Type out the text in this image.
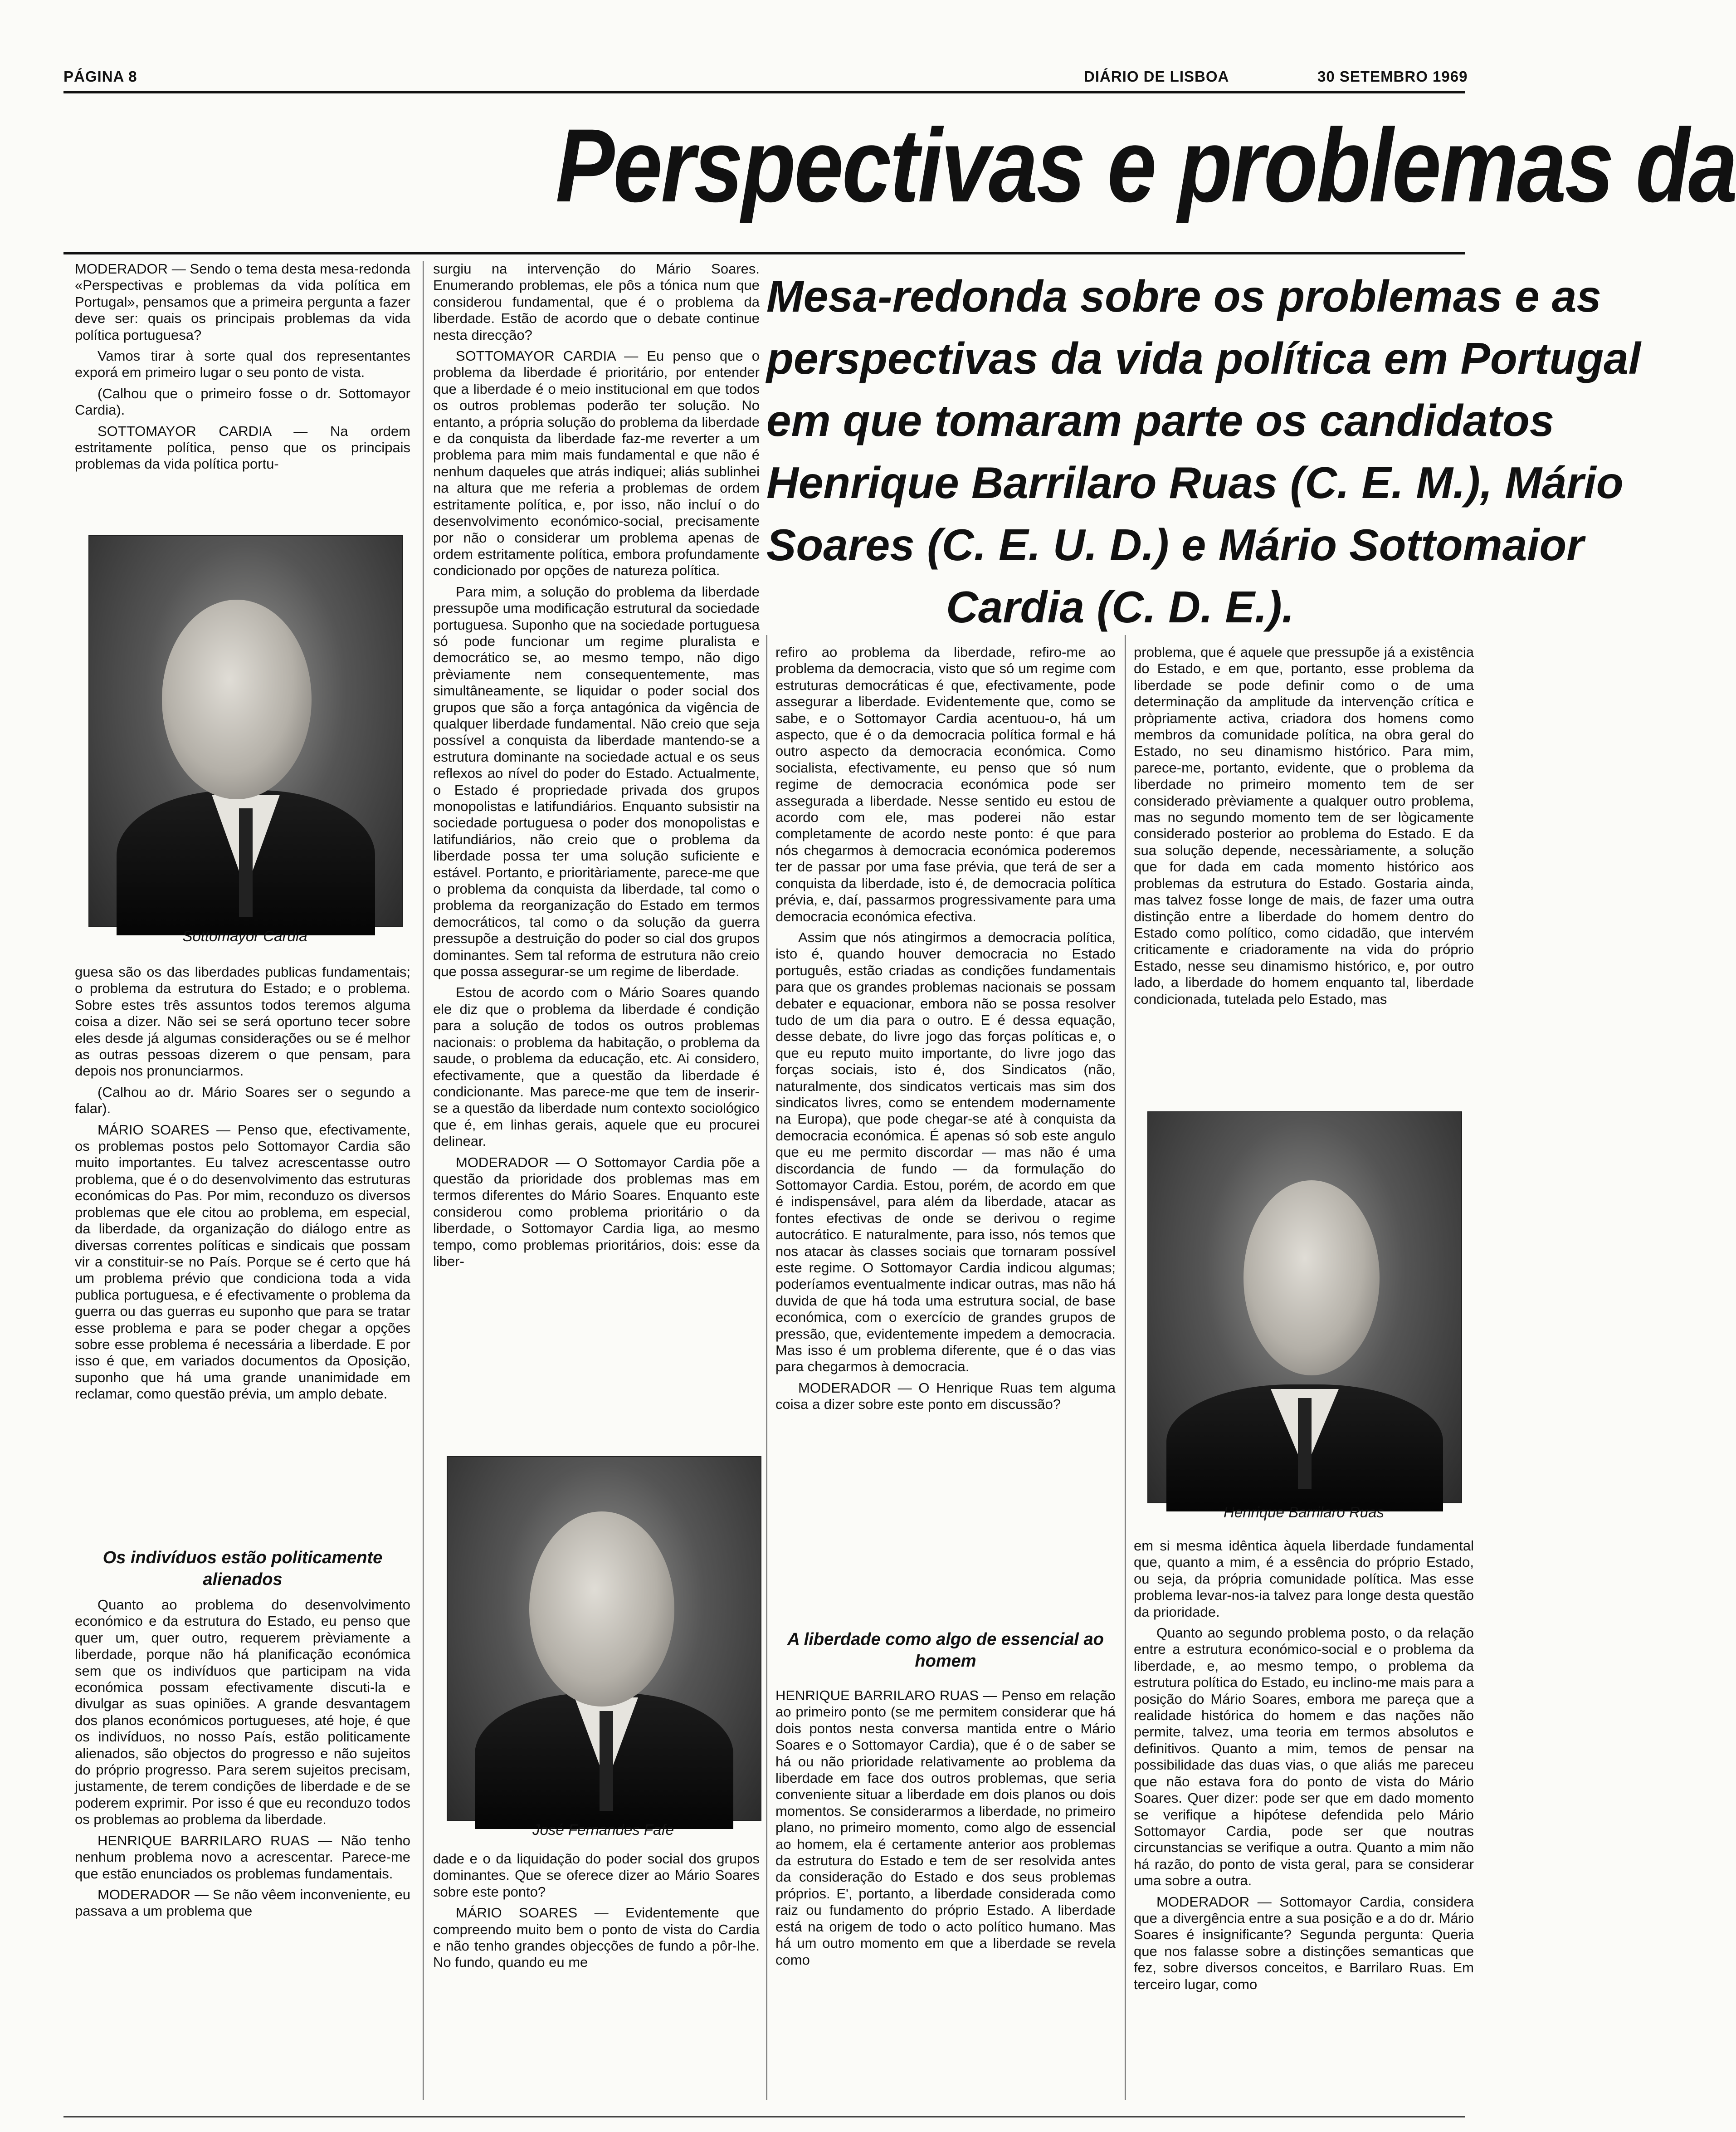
PÁGINA 8	DIÁRIO DE LISBOA	30 SETEMBRO 1969
Perspectivas e problemas da
Mesa-redonda sobre os problemas e as
perspectivas da vida política em Portugal
em que tomaram parte os candidatos
Henrique Barrilaro Ruas (C. E. M.), Mário
Soares (C. E. U. D.) e Mário Sottomaior
Cardia (C. D. E.).

MODERADOR — Sendo o tema desta mesa-redonda «Perspectivas e problemas da vida política em Portugal», pensamos que a primeira pergunta a fazer deve ser: quais os principais problemas da vida política portuguesa?

Vamos tirar à sorte qual dos representantes exporá em primeiro lugar o seu ponto de vista.

(Calhou que o primeiro fosse o dr. Sottomayor Cardia).

SOTTOMAYOR CARDIA — Na ordem estritamente política, penso que os principais problemas da vida política portu-

Sottomayor Cardia

guesa são os das liberdades publicas fundamentais; o problema da estrutura do Estado; e o problema. Sobre estes três assuntos todos teremos alguma coisa a dizer. Não sei se será oportuno tecer sobre eles desde já algumas considerações ou se é melhor as outras pessoas dizerem o que pensam, para depois nos pronunciarmos.

(Calhou ao dr. Mário Soares ser o segundo a falar).

MÁRIO SOARES — Penso que, efectivamente, os problemas postos pelo Sottomayor Cardia são muito importantes. Eu talvez acrescentasse outro problema, que é o do desenvolvimento das estruturas económicas do Pas. Por mim, reconduzo os diversos problemas que ele citou ao problema, em especial, da liberdade, da organização do diálogo entre as diversas correntes políticas e sindicais que possam vir a constituir-se no País. Porque se é certo que há um problema prévio que condiciona toda a vida publica portuguesa, e é efectivamente o problema da guerra ou das guerras eu suponho que para se tratar esse problema e para se poder chegar a opções sobre esse problema é necessária a liberdade. E por isso é que, em variados documentos da Oposição, suponho que há uma grande unanimidade em reclamar, como questão prévia, um amplo debate.

Os indivíduos estão politicamente alienados

Quanto ao problema do desenvolvimento económico e da estrutura do Estado, eu penso que quer um, quer outro, requerem prèviamente a liberdade, porque não há planificação económica sem que os indivíduos que participam na vida económica possam efectivamente discuti-la e divulgar as suas opiniões. A grande desvantagem dos planos económicos portugueses, até hoje, é que os indivíduos, no nosso País, estão politicamente alienados, são objectos do progresso e não sujeitos do próprio progresso. Para serem sujeitos precisam, justamente, de terem condições de liberdade e de se poderem exprimir. Por isso é que eu reconduzo todos os problemas ao problema da liberdade.

HENRIQUE BARRILARO RUAS — Não tenho nenhum problema novo a acrescentar. Parece-me que estão enunciados os problemas fundamentais.

MODERADOR — Se não vêem inconveniente, eu passava a um problema que

surgiu na intervenção do Mário Soares. Enumerando problemas, ele pôs a tónica num que considerou fundamental, que é o problema da liberdade. Estão de acordo que o debate continue nesta direcção?

SOTTOMAYOR CARDIA — Eu penso que o problema da liberdade é prioritário, por entender que a liberdade é o meio institucional em que todos os outros problemas poderão ter solução. No entanto, a própria solução do problema da liberdade e da conquista da liberdade faz-me reverter a um problema para mim mais fundamental e que não é nenhum daqueles que atrás indiquei; aliás sublinhei na altura que me referia a problemas de ordem estritamente política, e, por isso, não incluí o do desenvolvimento económico-social, precisamente por não o considerar um problema apenas de ordem estritamente política, embora profundamente condicionado por opções de natureza política.

Para mim, a solução do problema da liberdade pressupõe uma modificação estrutural da sociedade portuguesa. Suponho que na sociedade portuguesa só pode funcionar um regime pluralista e democrático se, ao mesmo tempo, não digo prèviamente nem consequentemente, mas simultâneamente, se liquidar o poder social dos grupos que são a força antagónica da vigência de qualquer liberdade fundamental. Não creio que seja possível a conquista da liberdade mantendo-se a estrutura dominante na sociedade actual e os seus reflexos ao nível do poder do Estado. Actualmente, o Estado é propriedade privada dos grupos monopolistas e latifundiários. Enquanto subsistir na sociedade portuguesa o poder dos monopolistas e latifundiários, não creio que o problema da liberdade possa ter uma solução suficiente e estável. Portanto, e prioritàriamente, parece-me que o problema da conquista da liberdade, tal como o problema da reorganização do Estado em termos democráticos, tal como o da solução da guerra pressupõe a destruição do poder so cial dos grupos dominantes. Sem tal reforma de estrutura não creio que possa assegurar-se um regime de liberdade.

Estou de acordo com o Mário Soares quando ele diz que o problema da liberdade é condição para a solução de todos os outros problemas nacionais: o problema da habitação, o problema da saude, o problema da educação, etc. Ai considero, efectivamente, que a questão da liberdade é condicionante. Mas parece-me que tem de inserir-se a questão da liberdade num contexto sociológico que é, em linhas gerais, aquele que eu procurei delinear.

MODERADOR — O Sottomayor Cardia põe a questão da prioridade dos problemas mas em termos diferentes do Mário Soares. Enquanto este considerou como problema prioritário o da liberdade, o Sottomayor Cardia liga, ao mesmo tempo, como problemas prioritários, dois: esse da liber-

José Fernandes Fafe

dade e o da liquidação do poder social dos grupos dominantes. Que se oferece dizer ao Mário Soares sobre este ponto?

MÁRIO SOARES — Evidentemente que compreendo muito bem o ponto de vista do Cardia e não tenho grandes objecções de fundo a pôr-lhe. No fundo, quando eu me

refiro ao problema da liberdade, refiro-me ao problema da democracia, visto que só um regime com estruturas democráticas é que, efectivamente, pode assegurar a liberdade. Evidentemente que, como se sabe, e o Sottomayor Cardia acentuou-o, há um aspecto, que é o da democracia política formal e há outro aspecto da democracia económica. Como socialista, efectivamente, eu penso que só num regime de democracia económica pode ser assegurada a liberdade. Nesse sentido eu estou de acordo com ele, mas poderei não estar completamente de acordo neste ponto: é que para nós chegarmos à democracia económica poderemos ter de passar por uma fase prévia, que terá de ser a conquista da liberdade, isto é, de democracia política prévia, e, daí, passarmos progressivamente para uma democracia económica efectiva.

Assim que nós atingirmos a democracia política, isto é, quando houver democracia no Estado português, estão criadas as condições fundamentais para que os grandes problemas nacionais se possam debater e equacionar, embora não se possa resolver tudo de um dia para o outro. E é dessa equação, desse debate, do livre jogo das forças políticas e, o que eu reputo muito importante, do livre jogo das forças sociais, isto é, dos Sindicatos (não, naturalmente, dos sindicatos verticais mas sim dos sindicatos livres, como se entendem modernamente na Europa), que pode chegar-se até à conquista da democracia económica. É apenas só sob este angulo que eu me permito discordar — mas não é uma discordancia de fundo — da formulação do Sottomayor Cardia. Estou, porém, de acordo em que é indispensável, para além da liberdade, atacar as fontes efectivas de onde se derivou o regime autocrático. E naturalmente, para isso, nós temos que nos atacar às classes sociais que tornaram possível este regime. O Sottomayor Cardia indicou algumas; poderíamos eventualmente indicar outras, mas não há duvida de que há toda uma estrutura social, de base económica, com o exercício de grandes grupos de pressão, que, evidentemente impedem a democracia. Mas isso é um problema diferente, que é o das vias para chegarmos à democracia.

MODERADOR — O Henrique Ruas tem alguma coisa a dizer sobre este ponto em discussão?

A liberdade como algo de essencial ao homem

HENRIQUE BARRILARO RUAS — Penso em relação ao primeiro ponto (se me permitem considerar que há dois pontos nesta conversa mantida entre o Mário Soares e o Sottomayor Cardia), que é o de saber se há ou não prioridade relativamente ao problema da liberdade em face dos outros problemas, que seria conveniente situar a liberdade em dois planos ou dois momentos. Se considerarmos a liberdade, no primeiro plano, no primeiro momento, como algo de essencial ao homem, ela é certamente anterior aos problemas da estrutura do Estado e tem de ser resolvida antes da consideração do Estado e dos seus problemas próprios. E', portanto, a liberdade considerada como raiz ou fundamento do próprio Estado. A liberdade está na origem de todo o acto político humano. Mas há um outro momento em que a liberdade se revela como

problema, que é aquele que pressupõe já a existência do Estado, e em que, portanto, esse problema da liberdade se pode definir como o de uma determinação da amplitude da intervenção crítica e pròpriamente activa, criadora dos homens como membros da comunidade política, na obra geral do Estado, no seu dinamismo histórico. Para mim, parece-me, portanto, evidente, que o problema da liberdade no primeiro momento tem de ser considerado prèviamente a qualquer outro problema, mas no segundo momento tem de ser lògicamente considerado posterior ao problema do Estado. E da sua solução depende, necessàriamente, a solução que for dada em cada momento histórico aos problemas da estrutura do Estado. Gostaria ainda, mas talvez fosse longe de mais, de fazer uma outra distinção entre a liberdade do homem dentro do Estado como político, como cidadão, que intervém criticamente e criadoramente na vida do próprio Estado, nesse seu dinamismo histórico, e, por outro lado, a liberdade do homem enquanto tal, liberdade condicionada, tutelada pelo Estado, mas

Henrique Barrilaro Ruas

em si mesma idêntica àquela liberdade fundamental que, quanto a mim, é a essência do próprio Estado, ou seja, da própria comunidade política. Mas esse problema levar-nos-ia talvez para longe desta questão da prioridade.

Quanto ao segundo problema posto, o da relação entre a estrutura económico-social e o problema da liberdade, e, ao mesmo tempo, o problema da estrutura política do Estado, eu inclino-me mais para a posição do Mário Soares, embora me pareça que a realidade histórica do homem e das nações não permite, talvez, uma teoria em termos absolutos e definitivos. Quanto a mim, temos de pensar na possibilidade das duas vias, o que aliás me pareceu que não estava fora do ponto de vista do Mário Soares. Quer dizer: pode ser que em dado momento se verifique a hipótese defendida pelo Mário Sottomayor Cardia, pode ser que noutras circunstancias se verifique a outra. Quanto a mim não há razão, do ponto de vista geral, para se considerar uma sobre a outra.

MODERADOR — Sottomayor Cardia, considera que a divergência entre a sua posição e a do dr. Mário Soares é insignificante? Segunda pergunta: Queria que nos falasse sobre a distinções semanticas que fez, sobre diversos conceitos, e Barrilaro Ruas. Em terceiro lugar, como
